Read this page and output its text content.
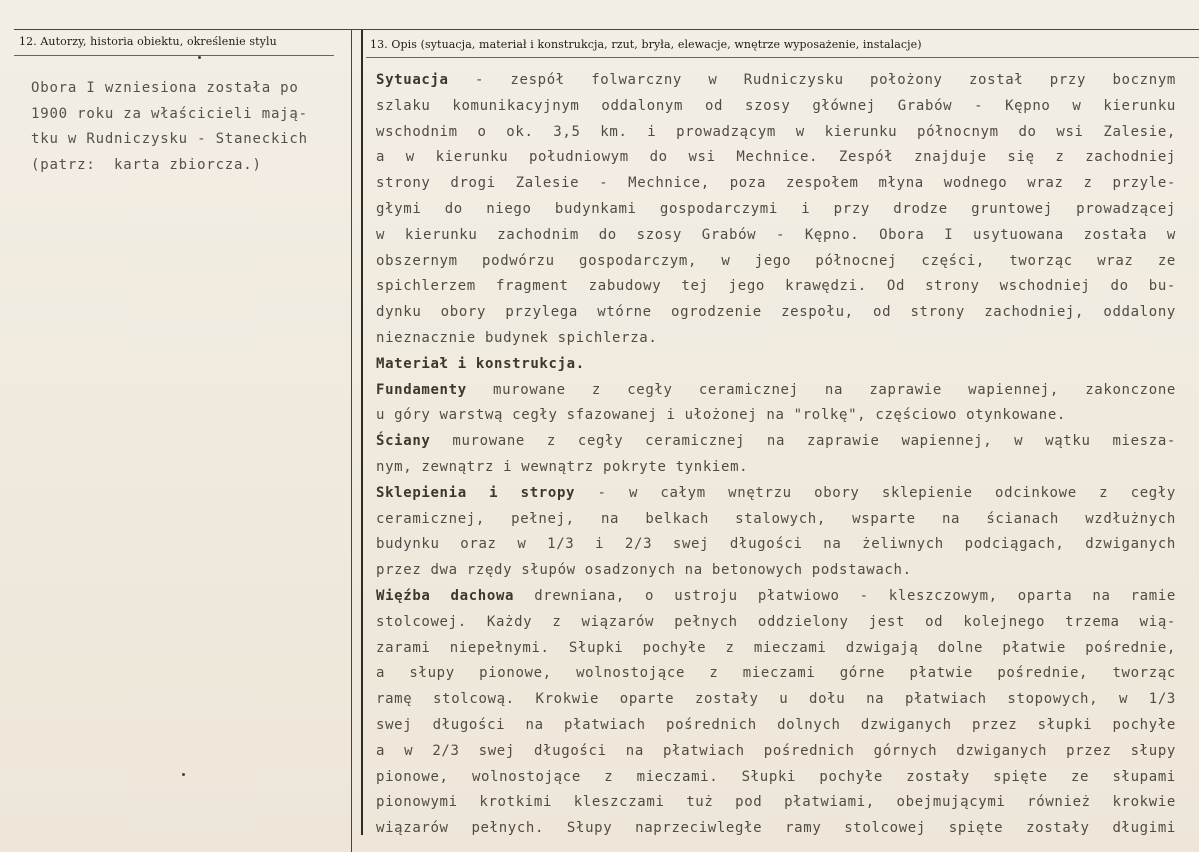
12. Autorzy, historia obiektu, określenie stylu	13. Opis (sytuacja, materiał i konstrukcja, rzut, bryła, elewacje, wnętrze wyposażenie, instalacje)
Obora I wzniesiona została po
1900 roku za właścicieli mają-
tku w Rudniczysku - Staneckich
(patrz:  karta zbiorcza.)
Sytuacja - zespół folwarczny w Rudniczysku położony został przy bocznym
szlaku komunikacyjnym oddalonym od szosy głównej Grabów - Kępno w kierunku
wschodnim o ok. 3,5 km. i prowadzącym w kierunku północnym do wsi Zalesie,
a w kierunku południowym do wsi Mechnice. Zespół znajduje się z zachodniej
strony drogi Zalesie - Mechnice, poza zespołem młyna wodnego wraz z przyle-
głymi do niego budynkami gospodarczymi i przy drodze gruntowej prowadzącej
w kierunku zachodnim do szosy Grabów - Kępno. Obora I usytuowana została w
obszernym podwórzu gospodarczym, w jego północnej części, tworząc wraz ze
spichlerzem fragment zabudowy tej jego krawędzi. Od strony wschodniej do bu-
dynku obory przylega wtórne ogrodzenie zespołu, od strony zachodniej, oddalony
nieznacznie budynek spichlerza.
Materiał i konstrukcja.
Fundamenty murowane z cegły ceramicznej na zaprawie wapiennej, zakonczone
u góry warstwą cegły sfazowanej i ułożonej na "rolkę", częściowo otynkowane.
Ściany murowane z cegły ceramicznej na zaprawie wapiennej, w wątku miesza-
nym, zewnątrz i wewnątrz pokryte tynkiem.
Sklepienia i stropy - w całym wnętrzu obory sklepienie odcinkowe z cegły
ceramicznej, pełnej, na belkach stalowych, wsparte na ścianach wzdłużnych
budynku oraz w 1/3 i 2/3 swej długości na żeliwnych podciągach, dzwiganych
przez dwa rzędy słupów osadzonych na betonowych podstawach.
Więźba dachowa drewniana, o ustroju płatwiowo - kleszczowym, oparta na ramie
stolcowej. Każdy z wiązarów pełnych oddzielony jest od kolejnego trzema wią-
zarami niepełnymi. Słupki pochyłe z mieczami dzwigają dolne płatwie pośrednie,
a słupy pionowe, wolnostojące z mieczami górne płatwie pośrednie, tworząc
ramę stolcową. Krokwie oparte zostały u dołu na płatwiach stopowych, w 1/3
swej długości na płatwiach pośrednich dolnych dzwiganych przez słupki pochyłe
a w 2/3 swej długości na płatwiach pośrednich górnych dzwiganych przez słupy
pionowe, wolnostojące z mieczami. Słupki pochyłe zostały spięte ze słupami
pionowymi krotkimi kleszczami tuż pod płatwiami, obejmującymi również krokwie
wiązarów pełnych. Słupy naprzeciwległe ramy stolcowej spięte zostały długimi
